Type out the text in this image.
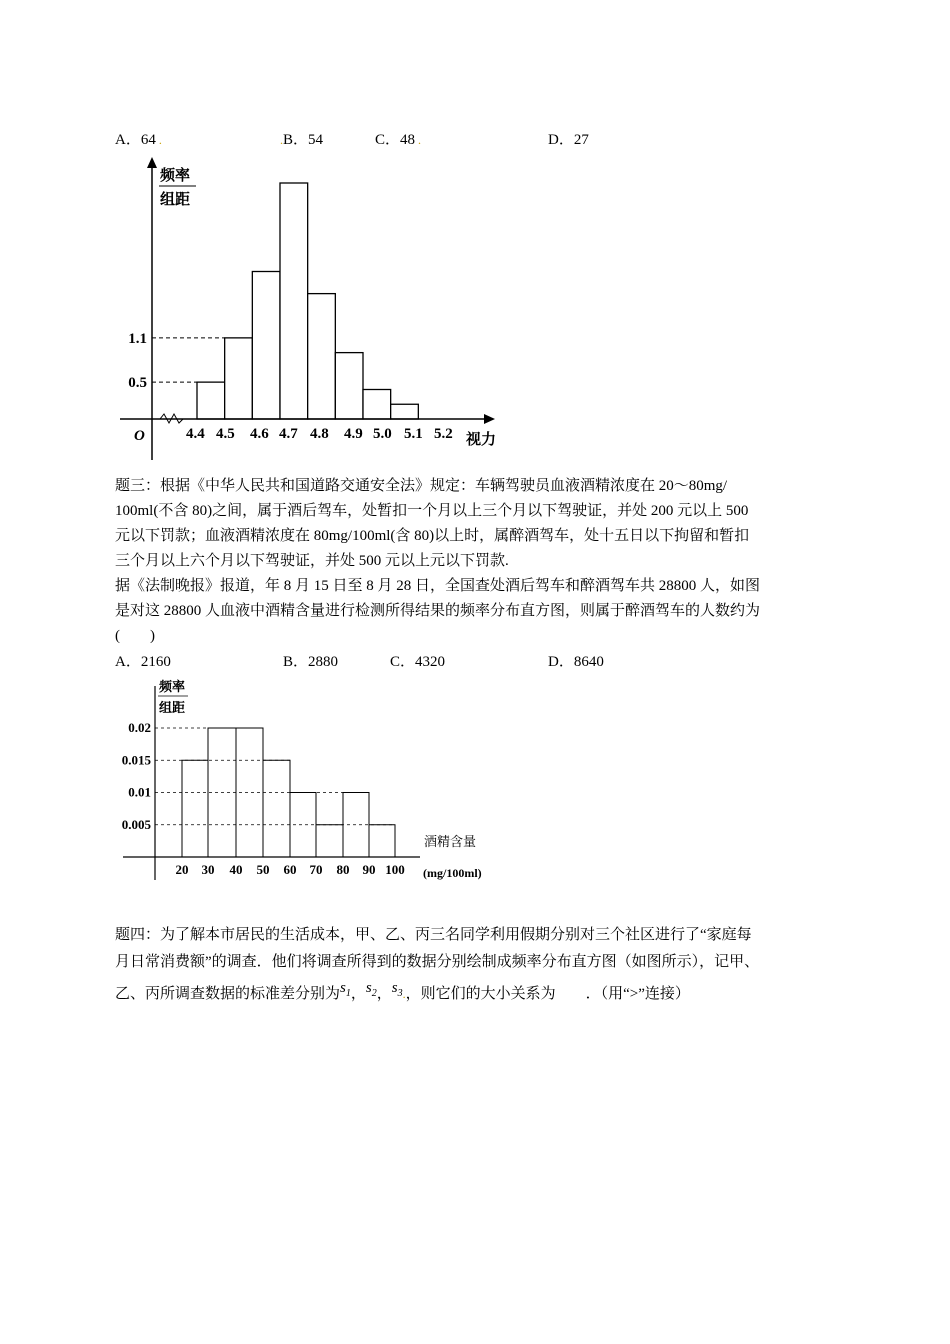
A．64 .	.B．54	C．48 .	D．27
频率
组距
O	视力
4.4 4.5 4.6 4.7 4.8 4.9 5.0 5.1 5.2
0.5
1.1
题三：根据《中华人民共和国道路交通安全法》规定：车辆驾驶员血液酒精浓度在 20～80mg/
100ml(不含 80)之间，属于酒后驾车，处暂扣一个月以上三个月以下驾驶证，并处 200 元以上 500
元以下罚款；血液酒精浓度在 80mg/100ml(含 80)以上时，属醉酒驾车，处十五日以下拘留和暂扣
三个月以上六个月以下驾驶证，并处 500 元以上元以下罚款.
据《法制晚报》报道，年 8 月 15 日至 8 月 28 日，全国查处酒后驾车和醉酒驾车共 28800 人，如图
是对这 28800 人血液中酒精含量进行检测所得结果的频率分布直方图，则属于醉酒驾车的人数约为
(　　)
A．2160	B．2880	C．4320	D．8640
频率
组距
酒精含量
(mg/100ml)
20 30 40 50 60 70 80 90 100
0.005
0.01
0.015
0.02
题四：为了解本市居民的生活成本，甲、乙、丙三名同学利用假期分别对三个社区进行了“家庭每
月日常消费额”的调查．他们将调查所得到的数据分别绘制成频率分布直方图（如图所示），记甲、
乙、丙所调查数据的标准差分别为$s_1$，$s_2$，$s_3$.，则它们的大小关系为　　．（用“>”连接）
